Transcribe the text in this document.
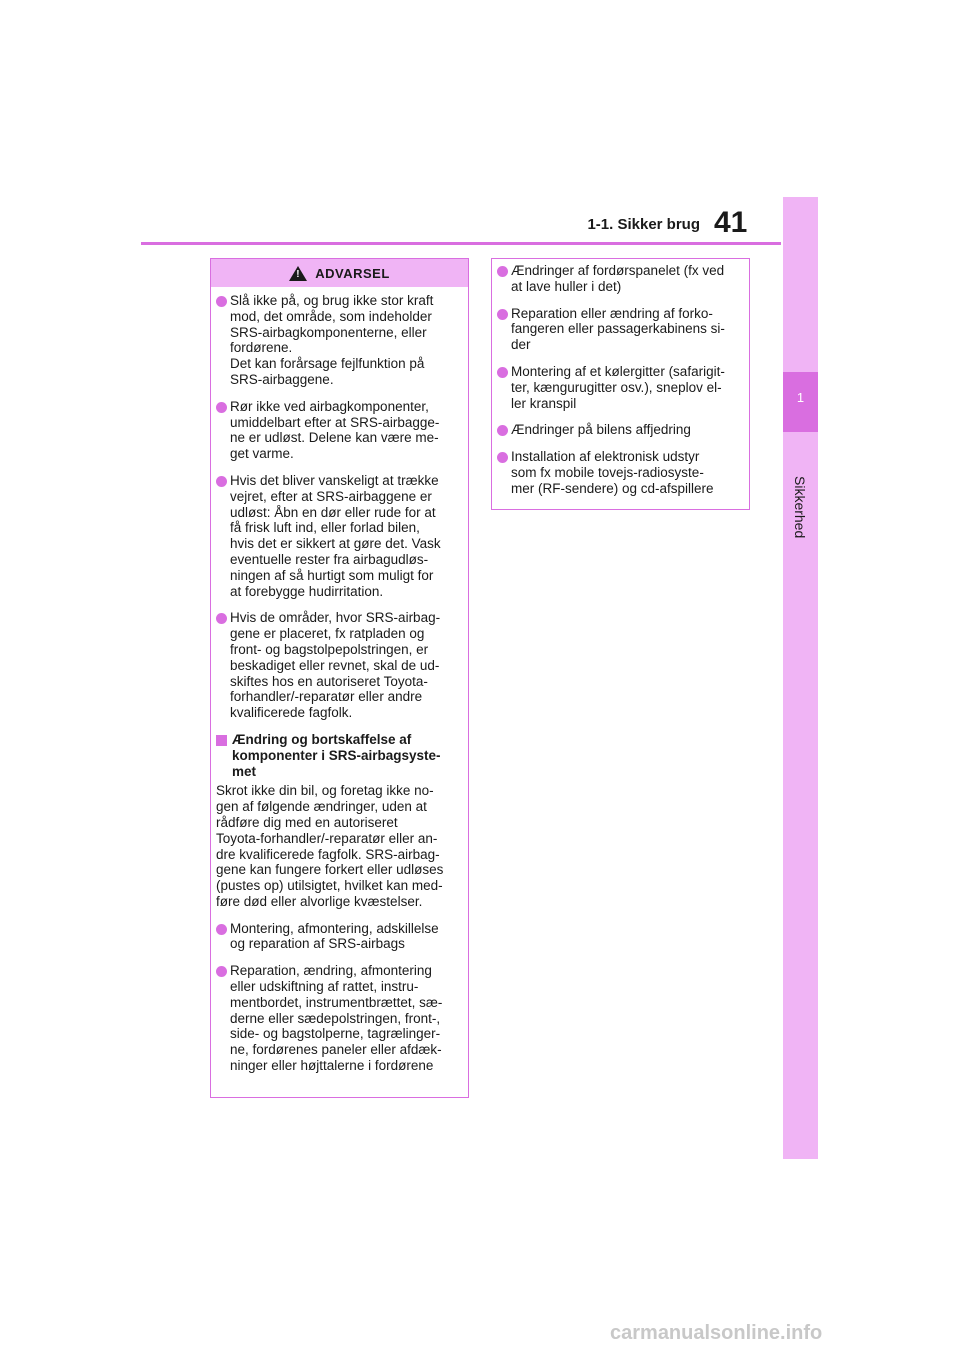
1-1. Sikker brug 41
1
Sikkerhed
! ADVARSEL
Slå ikke på, og brug ikke stor kraft
mod, det område, som indeholder
SRS-airbagkomponenterne, eller
fordørene.
Det kan forårsage fejlfunktion på
SRS-airbaggene.
Rør ikke ved airbagkomponenter,
umiddelbart efter at SRS-airbagge-
ne er udløst. Delene kan være me-
get varme.
Hvis det bliver vanskeligt at trække
vejret, efter at SRS-airbaggene er
udløst: Åbn en dør eller rude for at
få frisk luft ind, eller forlad bilen,
hvis det er sikkert at gøre det. Vask
eventuelle rester fra airbagudløs-
ningen af så hurtigt som muligt for
at forebygge hudirritation.
Hvis de områder, hvor SRS-airbag-
gene er placeret, fx ratpladen og
front- og bagstolpepolstringen, er
beskadiget eller revnet, skal de ud-
skiftes hos en autoriseret Toyota-
forhandler/-reparatør eller andre
kvalificerede fagfolk.
Ændring og bortskaffelse af
komponenter i SRS-airbagsyste-
met
Skrot ikke din bil, og foretag ikke no-
gen af følgende ændringer, uden at
rådføre dig med en autoriseret
Toyota-forhandler/-reparatør eller an-
dre kvalificerede fagfolk. SRS-airbag-
gene kan fungere forkert eller udløses
(pustes op) utilsigtet, hvilket kan med-
føre død eller alvorlige kvæstelser.
Montering, afmontering, adskillelse
og reparation af SRS-airbags
Reparation, ændring, afmontering
eller udskiftning af rattet, instru-
mentbordet, instrumentbrættet, sæ-
derne eller sædepolstringen, front-,
side- og bagstolperne, tagrælinger-
ne, fordørenes paneler eller afdæk-
ninger eller højttalerne i fordørene
Ændringer af fordørspanelet (fx ved
at lave huller i det)
Reparation eller ændring af forko-
fangeren eller passagerkabinens si-
der
Montering af et kølergitter (safarigit-
ter, kængurugitter osv.), sneplov el-
ler kranspil
Ændringer på bilens affjedring
Installation af elektronisk udstyr
som fx mobile tovejs-radiosyste-
mer (RF-sendere) og cd-afspillere
carmanualsonline.info
